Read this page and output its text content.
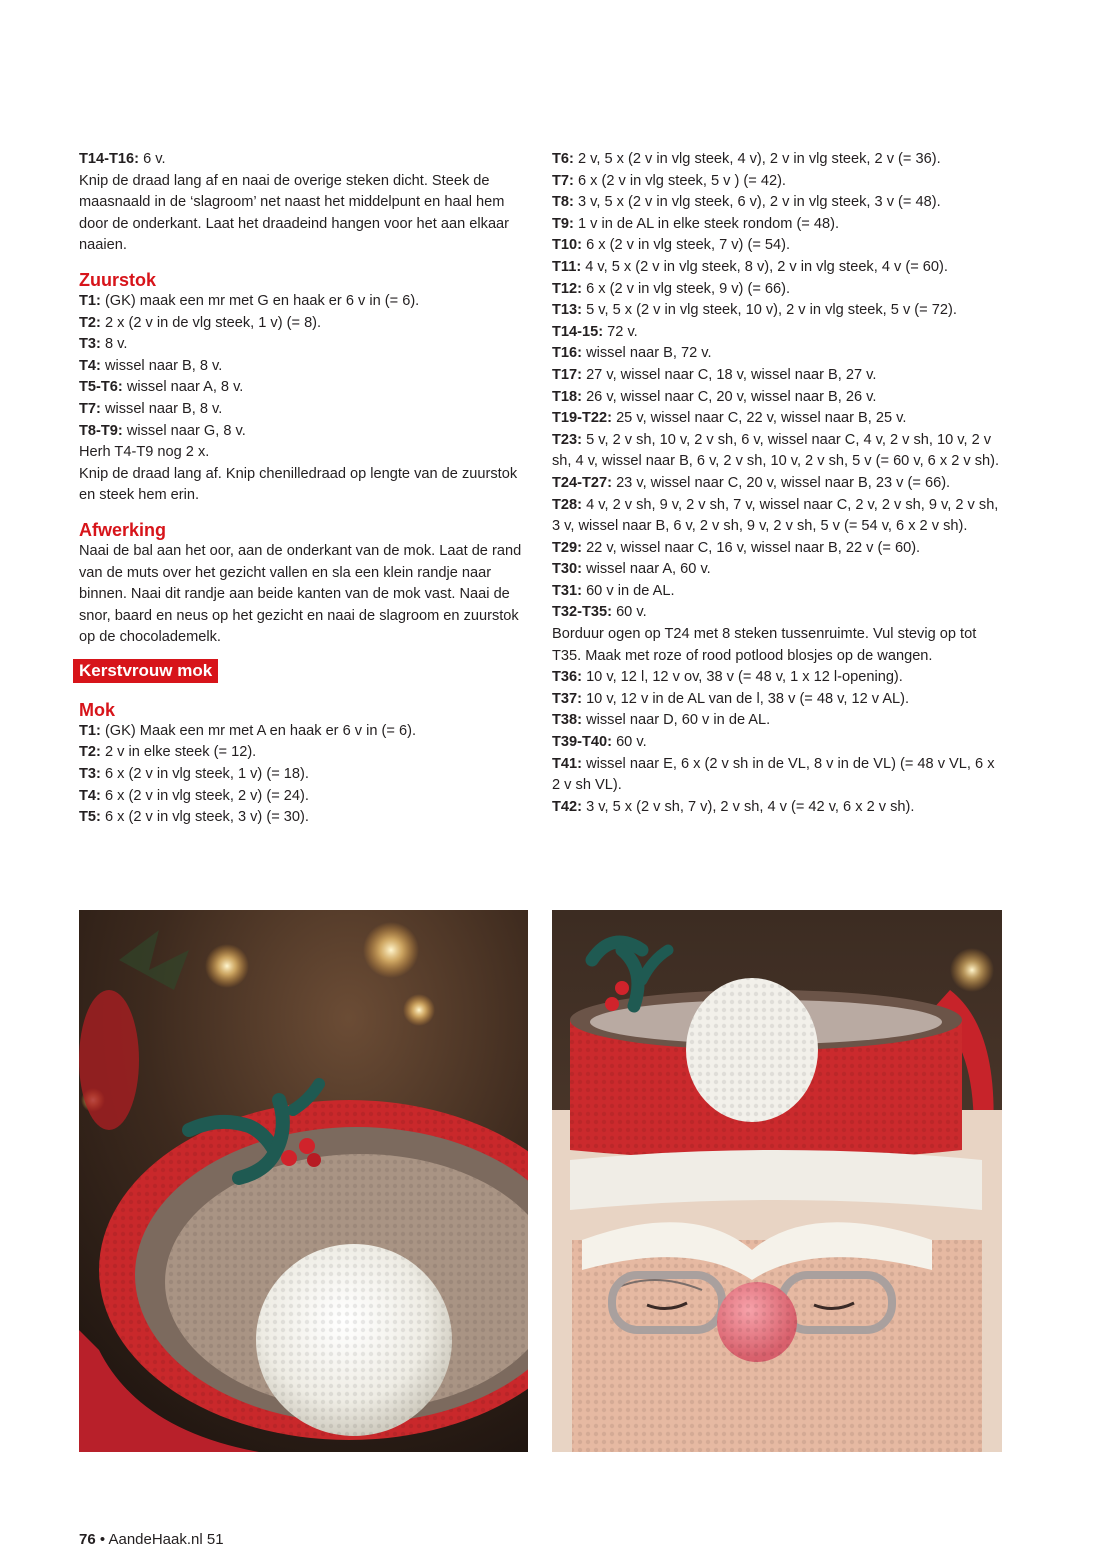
T14-T16: 6 v.

Knip de draad lang af en naai de overige steken dicht. Steek de maasnaald in de ‘slagroom’ net naast het middelpunt en haal hem door de onderkant. Laat het draadeind hangen voor het aan elkaar naaien.

Zuurstok

T1: (GK) maak een mr met G en haak er 6 v in (= 6).

T2: 2 x (2 v in de vlg steek, 1 v) (= 8).

T3: 8 v.

T4: wissel naar B, 8 v.

T5-T6: wissel naar A, 8 v.

T7: wissel naar B, 8 v.

T8-T9: wissel naar G, 8 v.

Herh T4-T9 nog 2 x.

Knip de draad lang af. Knip chenilledraad op lengte van de zuurstok en steek hem erin.

Afwerking

Naai de bal aan het oor, aan de onderkant van de mok. Laat de rand van de muts over het gezicht vallen en sla een klein randje naar binnen. Naai dit randje aan beide kanten van de mok vast. Naai de snor, baard en neus op het gezicht en naai de slagroom en zuurstok op de chocolademelk.

Kerstvrouw mok
Mok

T1: (GK) Maak een mr met A en haak er 6 v in (= 6).

T2: 2 v in elke steek (= 12).

T3: 6 x (2 v in vlg steek, 1 v) (= 18).

T4: 6 x (2 v in vlg steek, 2 v) (= 24).

T5: 6 x (2 v in vlg steek, 3 v) (= 30).

T6: 2 v, 5 x (2 v in vlg steek, 4 v), 2 v in vlg steek, 2 v (= 36).

T7: 6 x (2 v in vlg steek, 5 v ) (= 42).

T8: 3 v, 5 x (2 v in vlg steek, 6 v), 2 v in vlg steek, 3 v (= 48).

T9: 1 v in de AL in elke steek rondom (= 48).

T10: 6 x (2 v in vlg steek, 7 v) (= 54).

T11: 4 v, 5 x (2 v in vlg steek, 8 v), 2 v in vlg steek, 4 v (= 60).

T12: 6 x (2 v in vlg steek, 9 v) (= 66).

T13: 5 v, 5 x (2 v in vlg steek, 10 v), 2 v in vlg steek, 5 v (= 72).

T14-15: 72 v.

T16: wissel naar B, 72 v.

T17: 27 v, wissel naar C, 18 v, wissel naar B, 27 v.

T18: 26 v, wissel naar C, 20 v, wissel naar B, 26 v.

T19-T22: 25 v, wissel naar C, 22 v, wissel naar B, 25 v.

T23: 5 v, 2 v sh, 10 v, 2 v sh, 6 v, wissel naar C, 4 v, 2 v sh, 10 v, 2 v sh, 4 v, wissel naar B, 6 v, 2 v sh, 10 v, 2 v sh, 5 v (= 60 v, 6 x 2 v sh).

T24-T27: 23 v, wissel naar C, 20 v, wissel naar B, 23 v (= 66).

T28: 4 v, 2 v sh, 9 v, 2 v sh, 7 v, wissel naar C, 2 v, 2 v sh, 9 v, 2 v sh, 3 v, wissel naar B, 6 v, 2 v sh, 9 v, 2 v sh, 5 v (= 54 v, 6 x 2 v sh).

T29: 22 v, wissel naar C, 16 v, wissel naar B, 22 v (= 60).

T30: wissel naar A, 60 v.

T31: 60 v in de AL.

T32-T35: 60 v.

Borduur ogen op T24 met 8 steken tussenruimte. Vul stevig op tot T35. Maak met roze of rood potlood blosjes op de wangen.

T36: 10 v, 12 l, 12 v ov, 38 v (= 48 v, 1 x 12 l-opening).

T37: 10 v, 12 v in de AL van de l, 38 v (= 48 v, 12 v AL).

T38: wissel naar D, 60 v in de AL.

T39-T40: 60 v.

T41: wissel naar E, 6 x (2 v sh in de VL, 8 v in de VL) (= 48 v VL, 6 x 2 v sh VL).

T42: 3 v, 5 x (2 v sh, 7 v), 2 v sh, 4 v (= 42 v, 6 x 2 v sh).

76 • AandeHaak.nl 51
